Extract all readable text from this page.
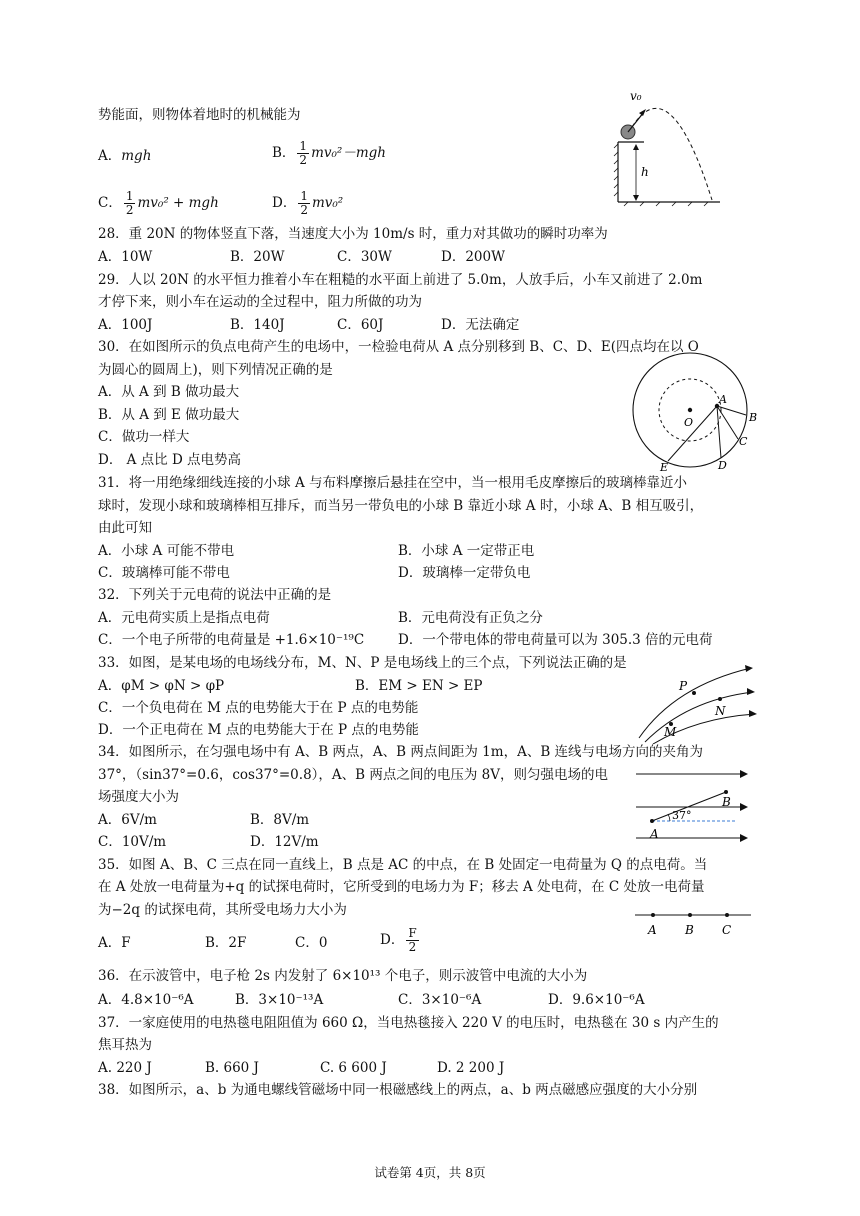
势能面，则物体着地时的机械能为
A．mgh	B． $\frac{1}{2} mv_0^2-mgh$
C． $\frac{1}{2} mv_0^2$ + mgh	D． $\frac{1}{2} mv_0^2$
v₀
h
28．重 20N 的物体竖直下落，当速度大小为 10m/s 时，重力对其做功的瞬时功率为
A．10W	B．20W	C．30W	D．200W
29．人以 20N 的水平恒力推着小车在粗糙的水平面上前进了 5.0m，人放手后，小车又前进了 2.0m
才停下来，则小车在运动的全过程中，阻力所做的功为
A．100J	B．140J	C．60J	D．无法确定
30．在如图所示的负点电荷产生的电场中，一检验电荷从 A 点分别移到 B、C、D、E(四点均在以 O
为圆心的圆周上)，则下列情况正确的是
A．从 A 到 B 做功最大
B．从 A 到 E 做功最大
C．做功一样大
D． A 点比 D 点电势高
O
A
B
C
D
E
31．将一用绝缘细线连接的小球 A 与布料摩擦后悬挂在空中，当一根用毛皮摩擦后的玻璃棒靠近小
球时，发现小球和玻璃棒相互排斥，而当另一带负电的小球 B 靠近小球 A 时，小球 A、B 相互吸引，
由此可知
A．小球 A 可能不带电	B．小球 A 一定带正电
C．玻璃棒可能不带电	D．玻璃棒一定带负电
32．下列关于元电荷的说法中正确的是
A．元电荷实质上是指点电荷	B．元电荷没有正负之分
C．一个电子所带的电荷量是 +1.6×10⁻¹⁹C	D．一个带电体的带电荷量可以为 305.3 倍的元电荷
33．如图，是某电场的电场线分布，M、N、P 是电场线上的三个点，下列说法正确的是
A．φM > φN > φP	B．EM > EN > EP
C．一个负电荷在 M 点的电势能大于在 P 点的电势能
D．一个正电荷在 M 点的电势能大于在 P 点的电势能
P
N
M
34．如图所示，在匀强电场中有 A、B 两点，A、B 两点间距为 1m，A、B 连线与电场方向的夹角为
37°，（sin37°=0.6，cos37°=0.8），A、B 两点之间的电压为 8V，则匀强电场的电
场强度大小为
A．6V/m	B．8V/m
C．10V/m	D．12V/m
37°
B
A
35．如图 A、B、C 三点在同一直线上，B 点是 AC 的中点，在 B 处固定一电荷量为 Q 的点电荷。当
在 A 处放一电荷量为+q 的试探电荷时，它所受到的电场力为 F；移去 A 处电荷，在 C 处放一电荷量
为−2q 的试探电荷，其所受电场力大小为
A．F	B．2F	C．0	D． $\frac{F}{2}$	A B C
36．在示波管中，电子枪 2s 内发射了 6×10¹³ 个电子，则示波管中电流的大小为
A．4.8×10⁻⁶A	B．3×10⁻¹³A	C．3×10⁻⁶A	D．9.6×10⁻⁶A
37．一家庭使用的电热毯电阻阻值为 660 Ω，当电热毯接入 220 V 的电压时，电热毯在 30 s 内产生的
焦耳热为
A. 220 J	B. 660 J	C. 6 600 J	D. 2 200 J
38．如图所示，a、b 为通电螺线管磁场中同一根磁感线上的两点，a、b 两点磁感应强度的大小分别
试卷第 4页，共 8页
